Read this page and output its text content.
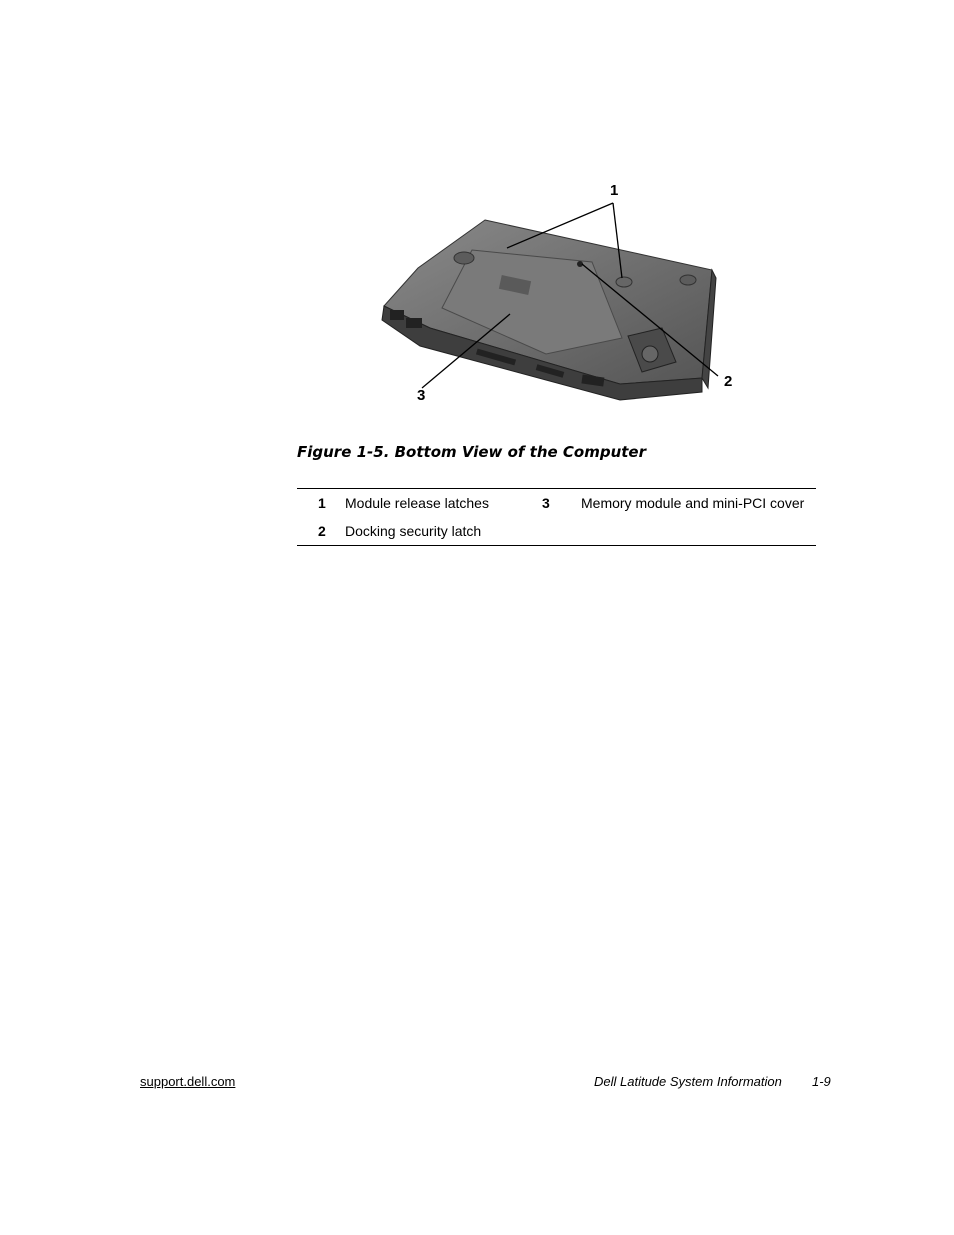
1
2
3
Figure 1-5. Bottom View of the Computer
1 Module release latches
2 Docking security latch
3 Memory module and mini-PCI cover
support.dell.com	Dell Latitude System Information 1-9
